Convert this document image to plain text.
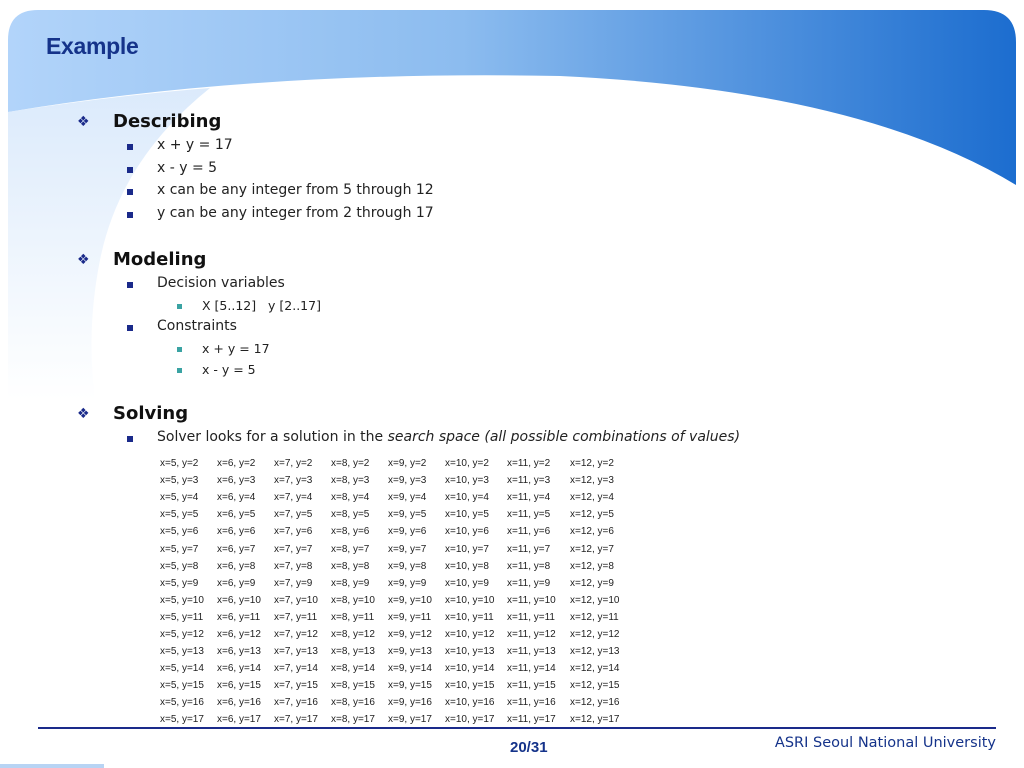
Example
❖ Describing
x + y = 17
x - y = 5
x can be any integer from 5 through 12
y can be any integer from 2 through 17
❖ Modeling
Decision variables
X [5..12]   y [2..17]
Constraints
x + y = 17
x - y = 5
❖ Solving
Solver looks for a solution in the search space (all possible combinations of values)
x=5, y=2	x=6, y=2	x=7, y=2	x=8, y=2	x=9, y=2	x=10, y=2	x=11, y=2	x=12, y=2
x=5, y=3	x=6, y=3	x=7, y=3	x=8, y=3	x=9, y=3	x=10, y=3	x=11, y=3	x=12, y=3
x=5, y=4	x=6, y=4	x=7, y=4	x=8, y=4	x=9, y=4	x=10, y=4	x=11, y=4	x=12, y=4
x=5, y=5	x=6, y=5	x=7, y=5	x=8, y=5	x=9, y=5	x=10, y=5	x=11, y=5	x=12, y=5
x=5, y=6	x=6, y=6	x=7, y=6	x=8, y=6	x=9, y=6	x=10, y=6	x=11, y=6	x=12, y=6
x=5, y=7	x=6, y=7	x=7, y=7	x=8, y=7	x=9, y=7	x=10, y=7	x=11, y=7	x=12, y=7
x=5, y=8	x=6, y=8	x=7, y=8	x=8, y=8	x=9, y=8	x=10, y=8	x=11, y=8	x=12, y=8
x=5, y=9	x=6, y=9	x=7, y=9	x=8, y=9	x=9, y=9	x=10, y=9	x=11, y=9	x=12, y=9
x=5, y=10	x=6, y=10	x=7, y=10	x=8, y=10	x=9, y=10	x=10, y=10	x=11, y=10	x=12, y=10
x=5, y=11	x=6, y=11	x=7, y=11	x=8, y=11	x=9, y=11	x=10, y=11	x=11, y=11	x=12, y=11
x=5, y=12	x=6, y=12	x=7, y=12	x=8, y=12	x=9, y=12	x=10, y=12	x=11, y=12	x=12, y=12
x=5, y=13	x=6, y=13	x=7, y=13	x=8, y=13	x=9, y=13	x=10, y=13	x=11, y=13	x=12, y=13
x=5, y=14	x=6, y=14	x=7, y=14	x=8, y=14	x=9, y=14	x=10, y=14	x=11, y=14	x=12, y=14
x=5, y=15	x=6, y=15	x=7, y=15	x=8, y=15	x=9, y=15	x=10, y=15	x=11, y=15	x=12, y=15
x=5, y=16	x=6, y=16	x=7, y=16	x=8, y=16	x=9, y=16	x=10, y=16	x=11, y=16	x=12, y=16
x=5, y=17	x=6, y=17	x=7, y=17	x=8, y=17	x=9, y=17	x=10, y=17	x=11, y=17	x=12, y=17
20/31	ASRI Seoul National University
